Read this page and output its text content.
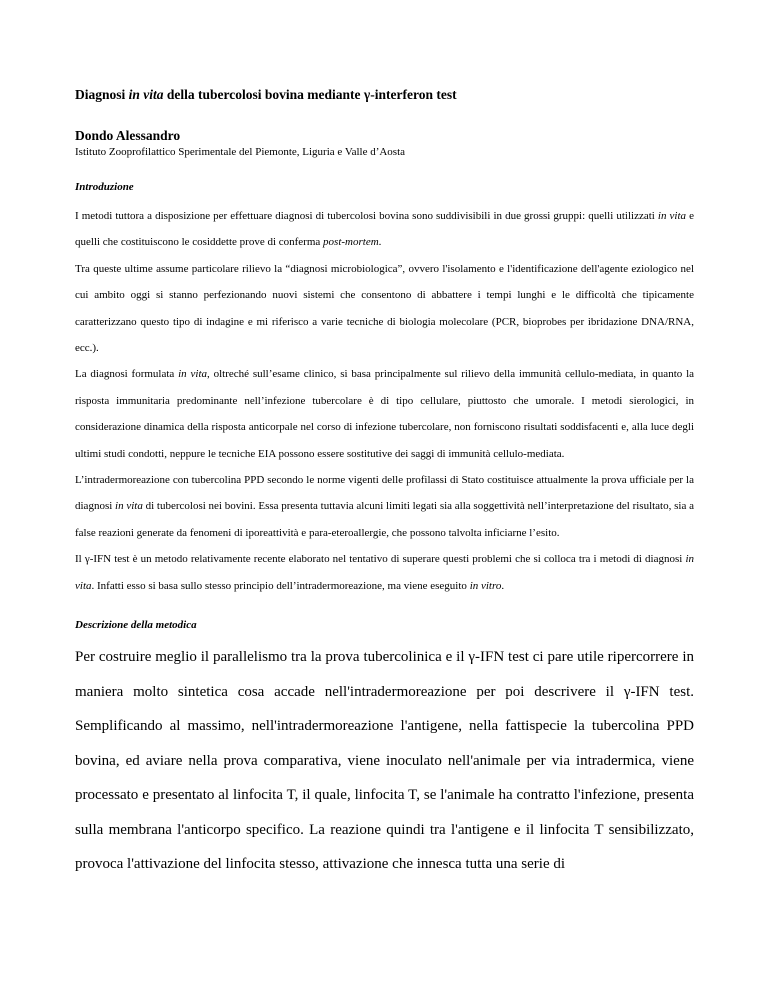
Diagnosi in vita della tubercolosi bovina mediante γ-interferon test
Dondo Alessandro
Istituto Zooprofilattico Sperimentale del Piemonte, Liguria e Valle d’Aosta
Introduzione

I metodi tuttora a disposizione per effettuare diagnosi di tubercolosi bovina sono suddivisibili in due grossi gruppi: quelli utilizzati in vita e quelli che costituiscono le cosiddette prove di conferma post-mortem.

Tra queste ultime assume particolare rilievo la “diagnosi microbiologica”, ovvero l'isolamento e l'identificazione dell'agente eziologico nel cui ambito oggi si stanno perfezionando nuovi sistemi che consentono di abbattere i tempi lunghi e le difficoltà che tipicamente caratterizzano questo tipo di indagine e mi riferisco a varie tecniche di biologia molecolare (PCR, bioprobes per ibridazione DNA/RNA, ecc.).

La diagnosi formulata in vita, oltreché sull’esame clinico, si basa principalmente sul rilievo della immunità cellulo-mediata, in quanto la risposta immunitaria predominante nell’infezione tubercolare è di tipo cellulare, piuttosto che umorale. I metodi sierologici, in considerazione dinamica della risposta anticorpale nel corso di infezione tubercolare, non forniscono risultati soddisfacenti e, alla luce degli ultimi studi condotti, neppure le tecniche EIA possono essere sostitutive dei saggi di immunità cellulo-mediata.

L’intradermoreazione con tubercolina PPD secondo le norme vigenti delle profilassi di Stato costituisce attualmente la prova ufficiale per la diagnosi in vita di tubercolosi nei bovini. Essa presenta tuttavia alcuni limiti legati sia alla soggettività nell’interpretazione del risultato, sia a false reazioni generate da fenomeni di iporeattività e para-eteroallergie, che possono talvolta inficiarne l’esito.

Il γ-IFN test è un metodo relativamente recente elaborato nel tentativo di superare questi problemi che si colloca tra i metodi di diagnosi in vita. Infatti esso si basa sullo stesso principio dell’intradermoreazione, ma viene eseguito in vitro.

Descrizione della metodica

Per costruire meglio il parallelismo tra la prova tubercolinica e il γ-IFN test ci pare utile ripercorrere in maniera molto sintetica cosa accade nell'intradermoreazione per poi descrivere il γ-IFN test. Semplificando al massimo, nell'intradermoreazione l'antigene, nella fattispecie la tubercolina PPD bovina, ed aviare nella prova comparativa, viene inoculato nell'animale per via intradermica, viene processato e presentato al linfocita T, il quale, linfocita T, se l'animale ha contratto l'infezione, presenta sulla membrana l'anticorpo specifico. La reazione quindi tra l'antigene e il linfocita T sensibilizzato, provoca l'attivazione del linfocita stesso, attivazione che innesca tutta una serie di
